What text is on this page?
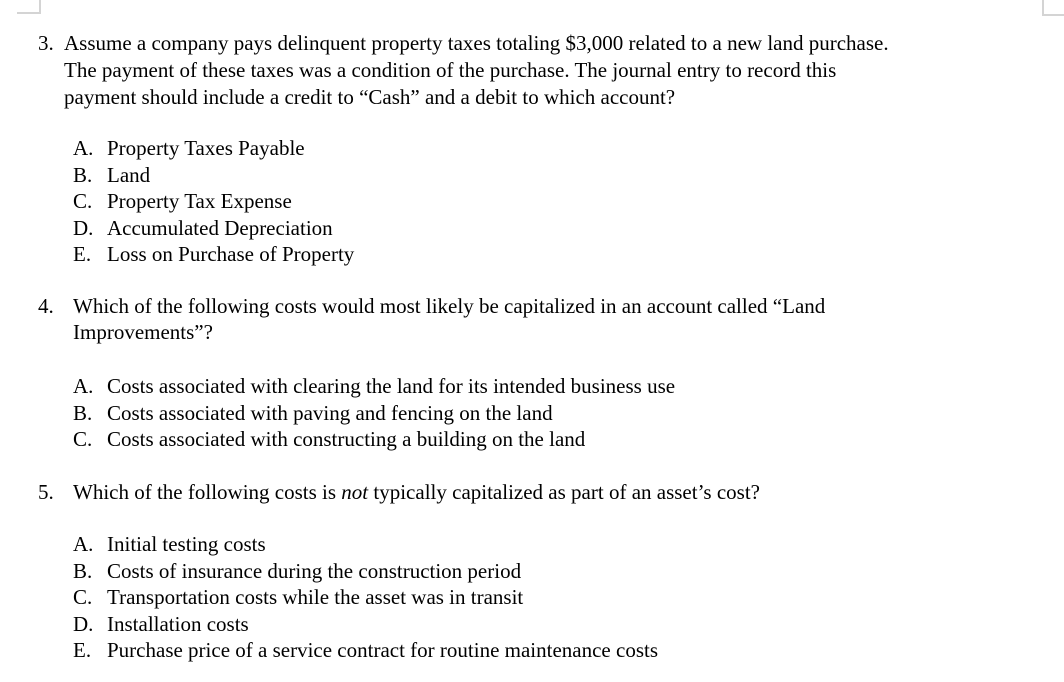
3. Assume a company pays delinquent property taxes totaling $3,000 related to a new land purchase.
The payment of these taxes was a condition of the purchase. The journal entry to record this
payment should include a credit to “Cash” and a debit to which account?
A. Property Taxes Payable
B. Land
C. Property Tax Expense
D. Accumulated Depreciation
E. Loss on Purchase of Property
4. Which of the following costs would most likely be capitalized in an account called “Land
Improvements”?
A. Costs associated with clearing the land for its intended business use
B. Costs associated with paving and fencing on the land
C. Costs associated with constructing a building on the land
5. Which of the following costs is not typically capitalized as part of an asset’s cost?
A. Initial testing costs
B. Costs of insurance during the construction period
C. Transportation costs while the asset was in transit
D. Installation costs
E. Purchase price of a service contract for routine maintenance costs
